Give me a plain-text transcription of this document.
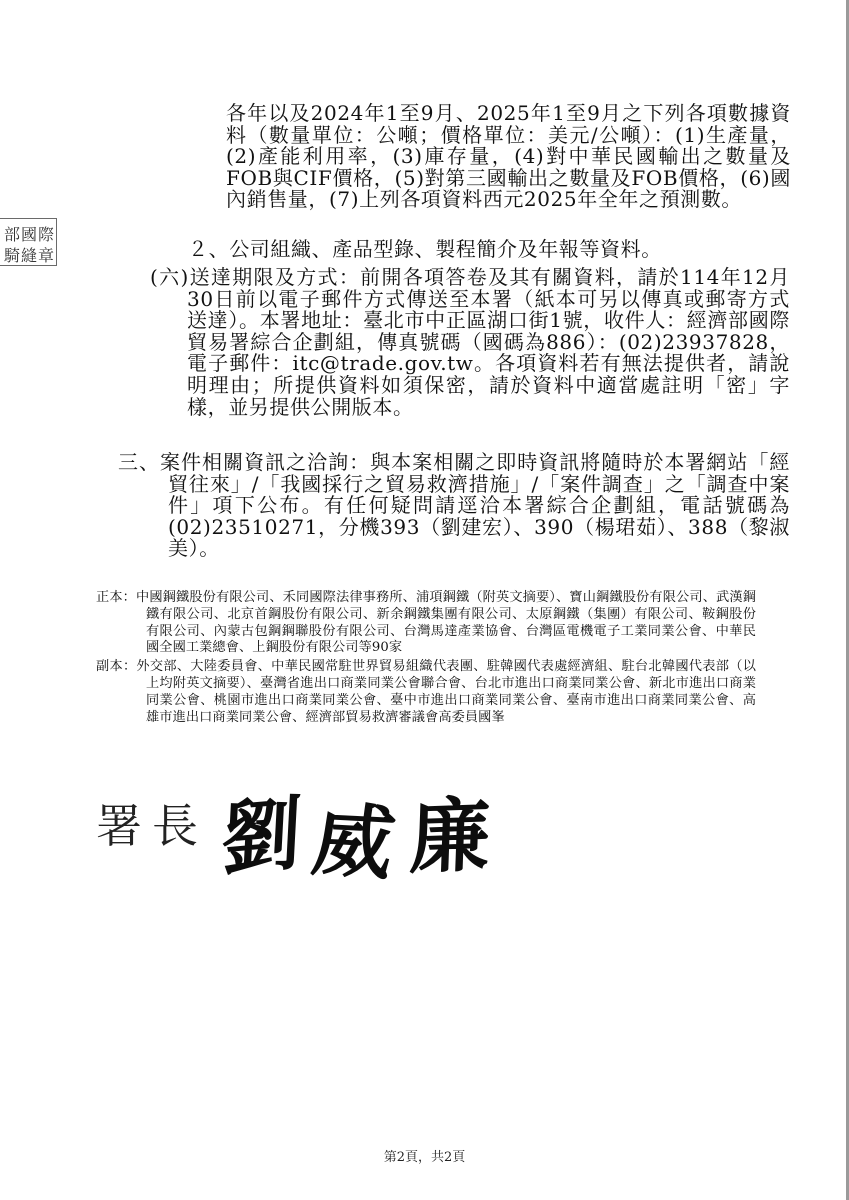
部國際
騎縫章
各年以及2024年1至9月、2025年1至9月之下列各項數據資料（數量單位：公噸；價格單位：美元/公噸）：(1)生產量，(2)產能利用率，(3)庫存量，(4)對中華民國輸出之數量及FOB與CIF價格，(5)對第三國輸出之數量及FOB價格，(6)國內銷售量，(7)上列各項資料西元2025年全年之預測數。
２、公司組織、產品型錄、製程簡介及年報等資料。
(六)送達期限及方式：前開各項答卷及其有關資料，請於114年12月30日前以電子郵件方式傳送至本署（紙本可另以傳真或郵寄方式送達）。本署地址：臺北市中正區湖口街1號，收件人：經濟部國際貿易署綜合企劃組，傳真號碼（國碼為886）：(02)23937828，電子郵件：itc@trade.gov.tw。各項資料若有無法提供者，請說明理由；所提供資料如須保密，請於資料中適當處註明「密」字樣，並另提供公開版本。
三、案件相關資訊之洽詢：與本案相關之即時資訊將隨時於本署網站「經貿往來」/「我國採行之貿易救濟措施」/「案件調查」之「調查中案件」項下公布。有任何疑問請逕洽本署綜合企劃組，電話號碼為(02)23510271，分機393（劉建宏）、390（楊珺茹）、388（黎淑美）。
正本：中國鋼鐵股份有限公司、禾同國際法律事務所、浦項鋼鐵（附英文摘要）、寶山鋼鐵股份有限公司、武漢鋼鐵有限公司、北京首鋼股份有限公司、新余鋼鐵集團有限公司、太原鋼鐵（集團）有限公司、鞍鋼股份有限公司、內蒙古包鋼鋼聯股份有限公司、台灣馬達產業協會、台灣區電機電子工業同業公會、中華民國全國工業總會、上鋼股份有限公司等90家
副本：外交部、大陸委員會、中華民國常駐世界貿易組織代表團、駐韓國代表處經濟組、駐台北韓國代表部（以上均附英文摘要）、臺灣省進出口商業同業公會聯合會、台北市進出口商業同業公會、新北市進出口商業同業公會、桃園市進出口商業同業公會、臺中市進出口商業同業公會、臺南市進出口商業同業公會、高雄市進出口商業同業公會、經濟部貿易救濟審議會高委員國峯
署長 劉威廉
第2頁，共2頁
